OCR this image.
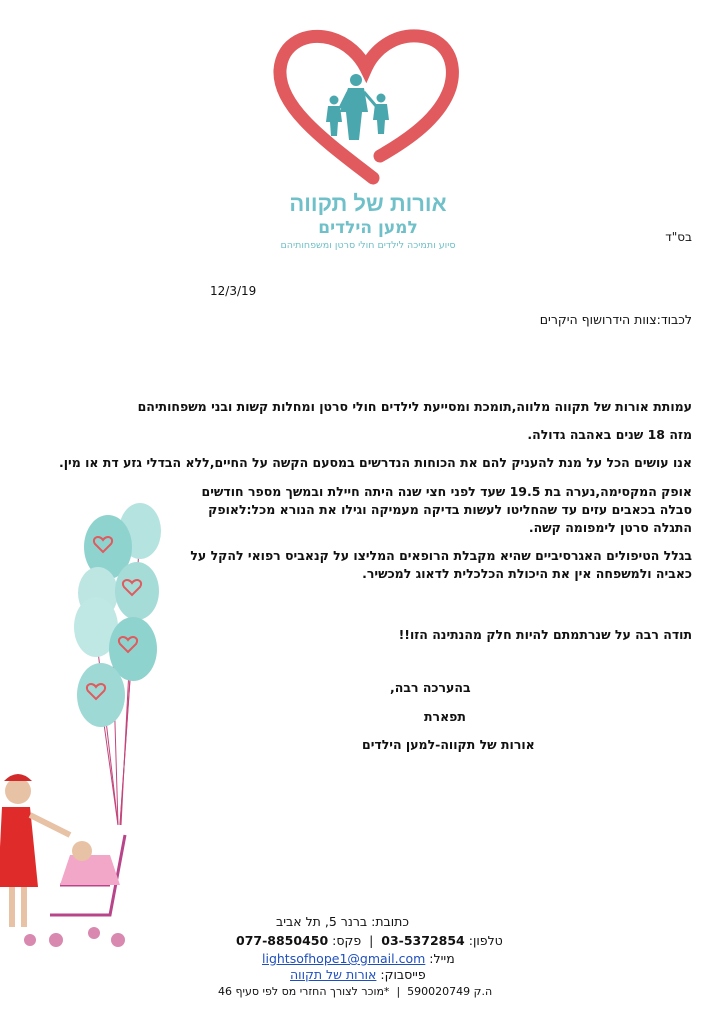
אורות של תקווה
למען הילדים
סיוע ותמיכה לילדים חולי סרטן ומשפחותיהם
בס"ד
12/3/19
לכבוד:צוות הידרושוף היקרים
עמותת אורות של תקווה מלווה,תומכת ומסייעת לילדים חולי סרטן ומחלות קשות ובני משפחותיהם
מזה 18 שנים באהבה גדולה.
אנו עושים הכל על מנת להעניק להם את הכוחות הנדרשים במסעם הקשה על החיים,ללא הבדלי גזע דת או מין.
אופק המקסימה,נערה בת 19.5 שעד לפני חצי שנה היתה חיילת ובמשך מספר חודשים
סבלה בכאבים עזים עד שהחליטו לעשות בדיקה מעמיקה וגילו את הנורא מכל:לאופק
התגלה סרטן לימפומה קשה.
בגלל הטיפולים האגרסיביים שהיא מקבלת הרופאים המליצו על קנאביס רפואי להקל על
כאביה ולמשפחה אין את היכולת הכלכלית לדאוג למכשיר.
תודה רבה על שנרתמתם להיות חלק מהנתינה הזו!!
בהערכה רבה,
תפארת
אורות של תקווה-למען הילדים
כתובת: ברנר 5, תל אביב
טלפון: 03-5372854  |  פקס: 077-8850450
מייל: lightsofhope1@gmail.com
פייסבוק: אורות של תקווה
ה.ק 590020749  |  *מוכר לצורך החזרי מס לפי סעיף 46
